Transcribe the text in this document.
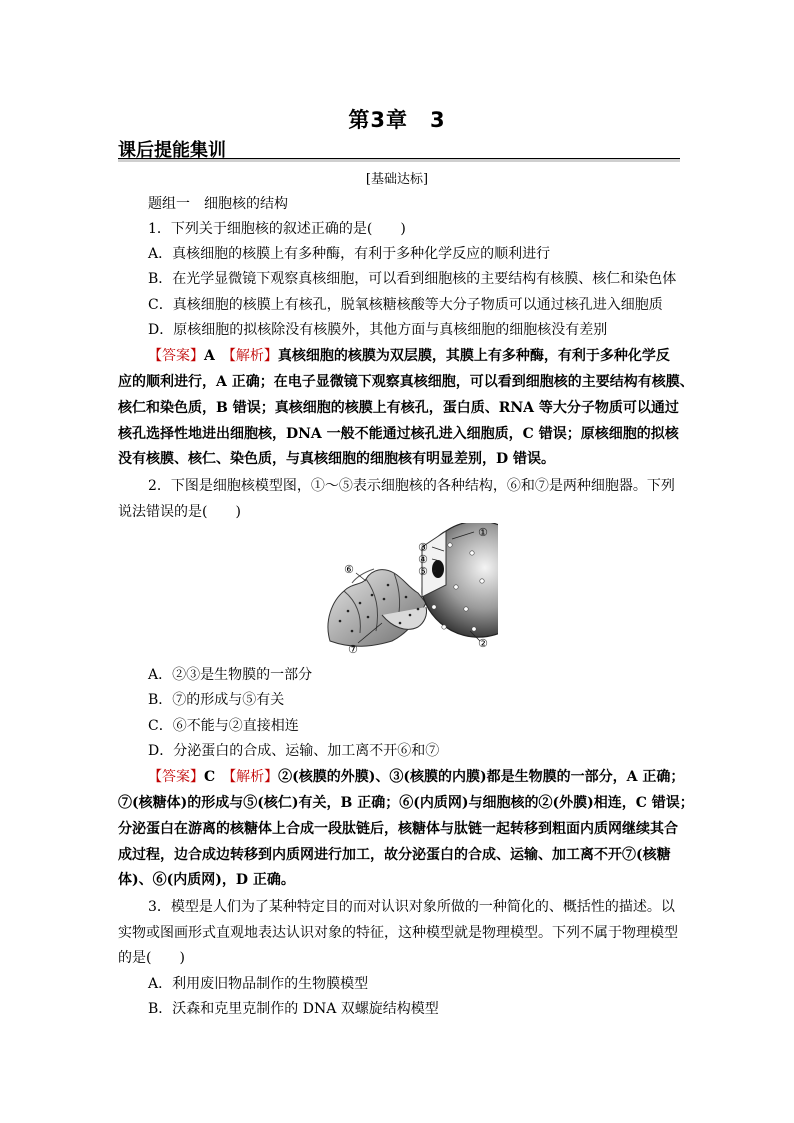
第3章　3
课后提能集训
[基础达标]
题组一　细胞核的结构
1．下列关于细胞核的叙述正确的是(　　)
A．真核细胞的核膜上有多种酶，有利于多种化学反应的顺利进行
B．在光学显微镜下观察真核细胞，可以看到细胞核的主要结构有核膜、核仁和染色体
C．真核细胞的核膜上有核孔，脱氧核糖核酸等大分子物质可以通过核孔进入细胞质
D．原核细胞的拟核除没有核膜外，其他方面与真核细胞的细胞核没有差别
【答案】A　 【解析】真核细胞的核膜为双层膜，其膜上有多种酶，有利于多种化学反
应的顺利进行，A 正确；在电子显微镜下观察真核细胞，可以看到细胞核的主要结构有核膜、
核仁和染色质，B 错误；真核细胞的核膜上有核孔，蛋白质、RNA 等大分子物质可以通过
核孔选择性地进出细胞核，DNA 一般不能通过核孔进入细胞质，C 错误；原核细胞的拟核
没有核膜、核仁、染色质，与真核细胞的细胞核有明显差别，D 错误。
2．下图是细胞核模型图，①～⑤表示细胞核的各种结构，⑥和⑦是两种细胞器。下列
说法错误的是(　　)
①
②
③
④
⑤
⑥
⑦
A．②③是生物膜的一部分
B．⑦的形成与⑤有关
C．⑥不能与②直接相连
D．分泌蛋白的合成、运输、加工离不开⑥和⑦
【答案】C　 【解析】②(核膜的外膜)、③(核膜的内膜)都是生物膜的一部分，A 正确；
⑦(核糖体)的形成与⑤(核仁)有关，B 正确；⑥(内质网)与细胞核的②(外膜)相连，C 错误；
分泌蛋白在游离的核糖体上合成一段肽链后，核糖体与肽链一起转移到粗面内质网继续其合
成过程，边合成边转移到内质网进行加工，故分泌蛋白的合成、运输、加工离不开⑦(核糖
体)、⑥(内质网)，D 正确。
3．模型是人们为了某种特定目的而对认识对象所做的一种简化的、概括性的描述。以
实物或图画形式直观地表达认识对象的特征，这种模型就是物理模型。下列不属于物理模型
的是(　　)
A．利用废旧物品制作的生物膜模型
B．沃森和克里克制作的 DNA 双螺旋结构模型
